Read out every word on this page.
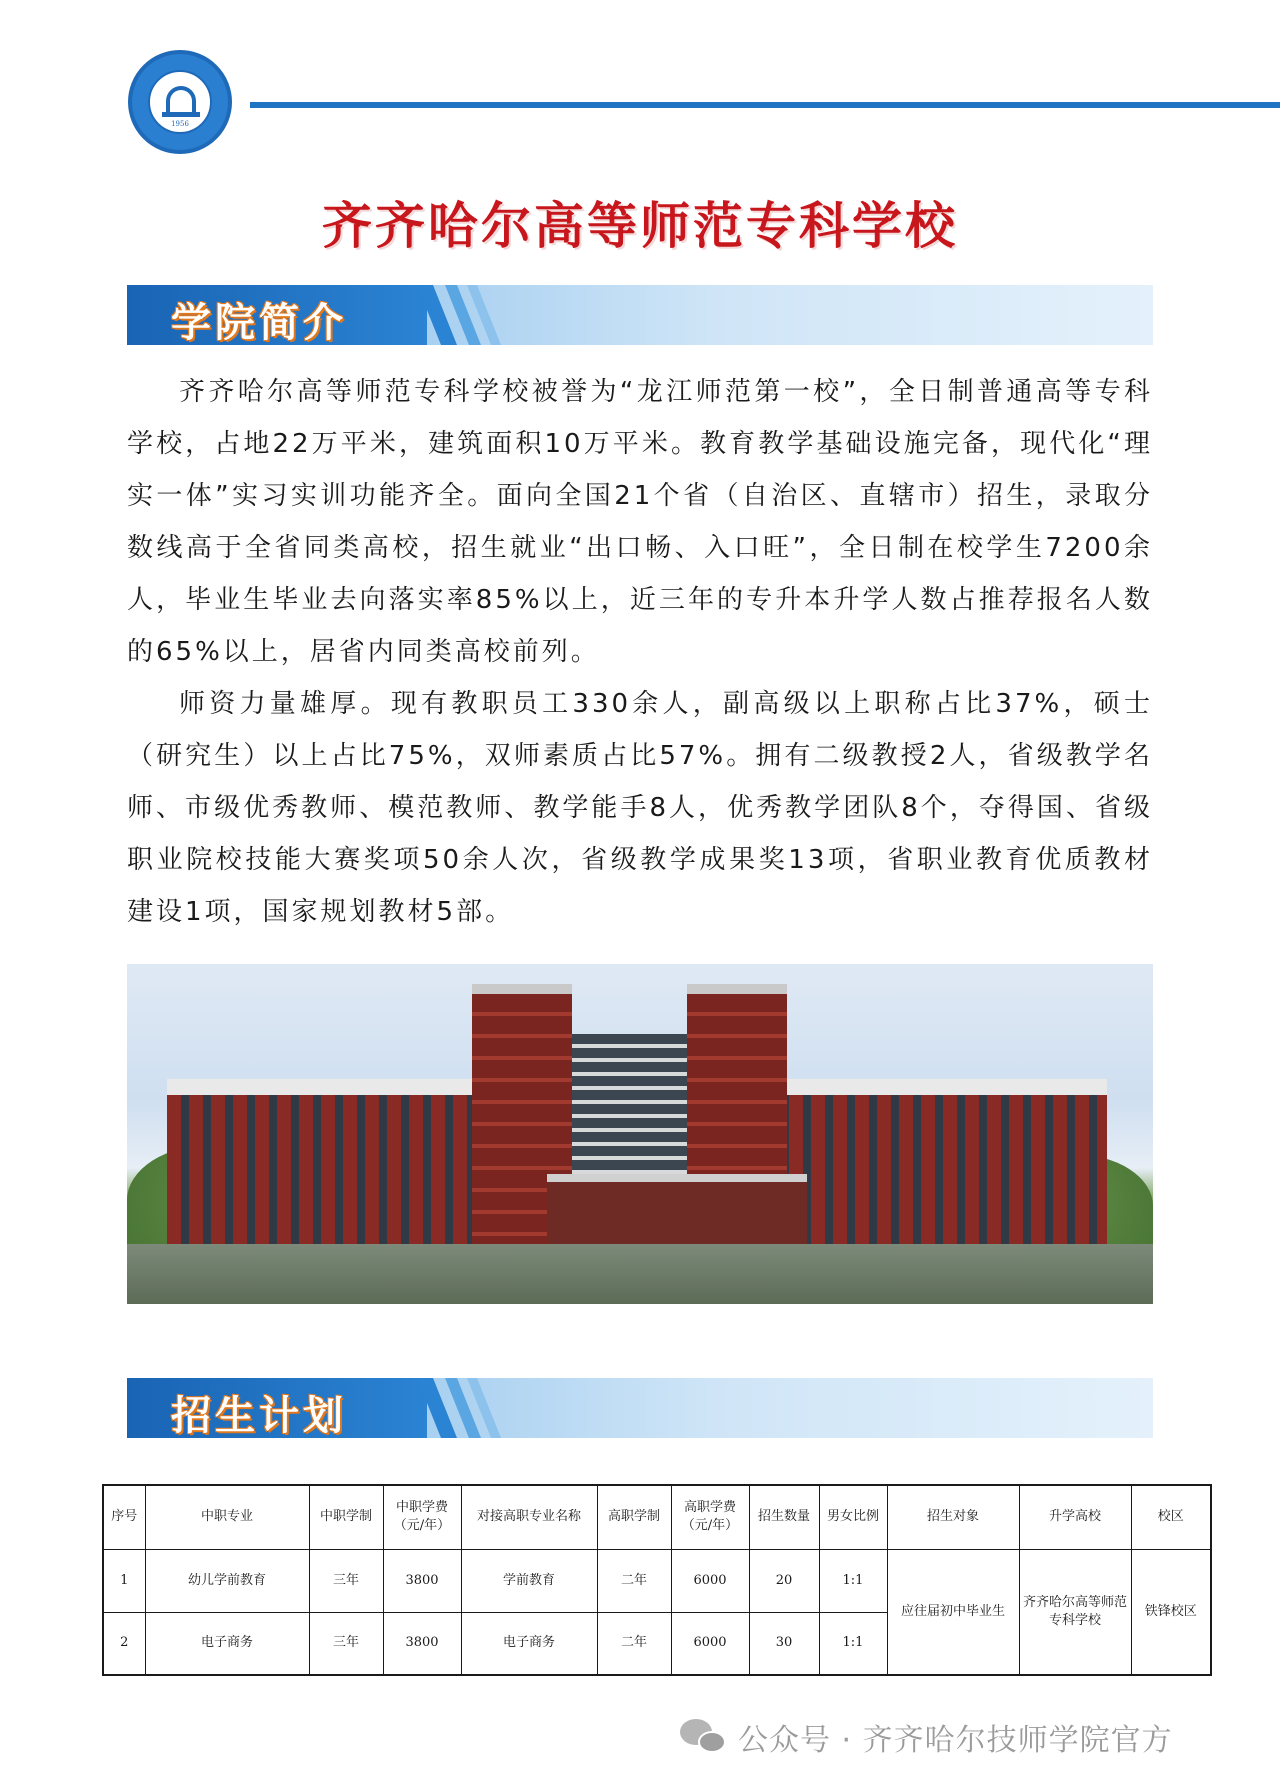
1956
齐齐哈尔高等师范专科学校
学院简介

齐齐哈尔高等师范专科学校被誉为“龙江师范第一校”，全日制普通高等专科学校，占地22万平米，建筑面积10万平米。教育教学基础设施完备，现代化“理实一体”实习实训功能齐全。面向全国21个省（自治区、直辖市）招生，录取分数线高于全省同类高校，招生就业“出口畅、入口旺”，全日制在校学生7200余人，毕业生毕业去向落实率85%以上，近三年的专升本升学人数占推荐报名人数的65%以上，居省内同类高校前列。

师资力量雄厚。现有教职员工330余人，副高级以上职称占比37%，硕士（研究生）以上占比75%，双师素质占比57%。拥有二级教授2人，省级教学名师、市级优秀教师、模范教师、教学能手8人，优秀教学团队8个，夺得国、省级职业院校技能大赛奖项50余人次，省级教学成果奖13项，省职业教育优质教材建设1项，国家规划教材5部。

招生计划
序号	中职专业	中职学制	中职学费（元/年）	对接高职专业名称	高职学制	高职学费（元/年）	招生数量	男女比例	招生对象	升学高校	校区
1	幼儿学前教育	三年	3800	学前教育	二年	6000	20	1:1	应往届初中毕业生	齐齐哈尔高等师范专科学校	铁锋校区
2	电子商务	三年	3800	电子商务	二年	6000	30	1:1			
公众号 · 齐齐哈尔技师学院官方
